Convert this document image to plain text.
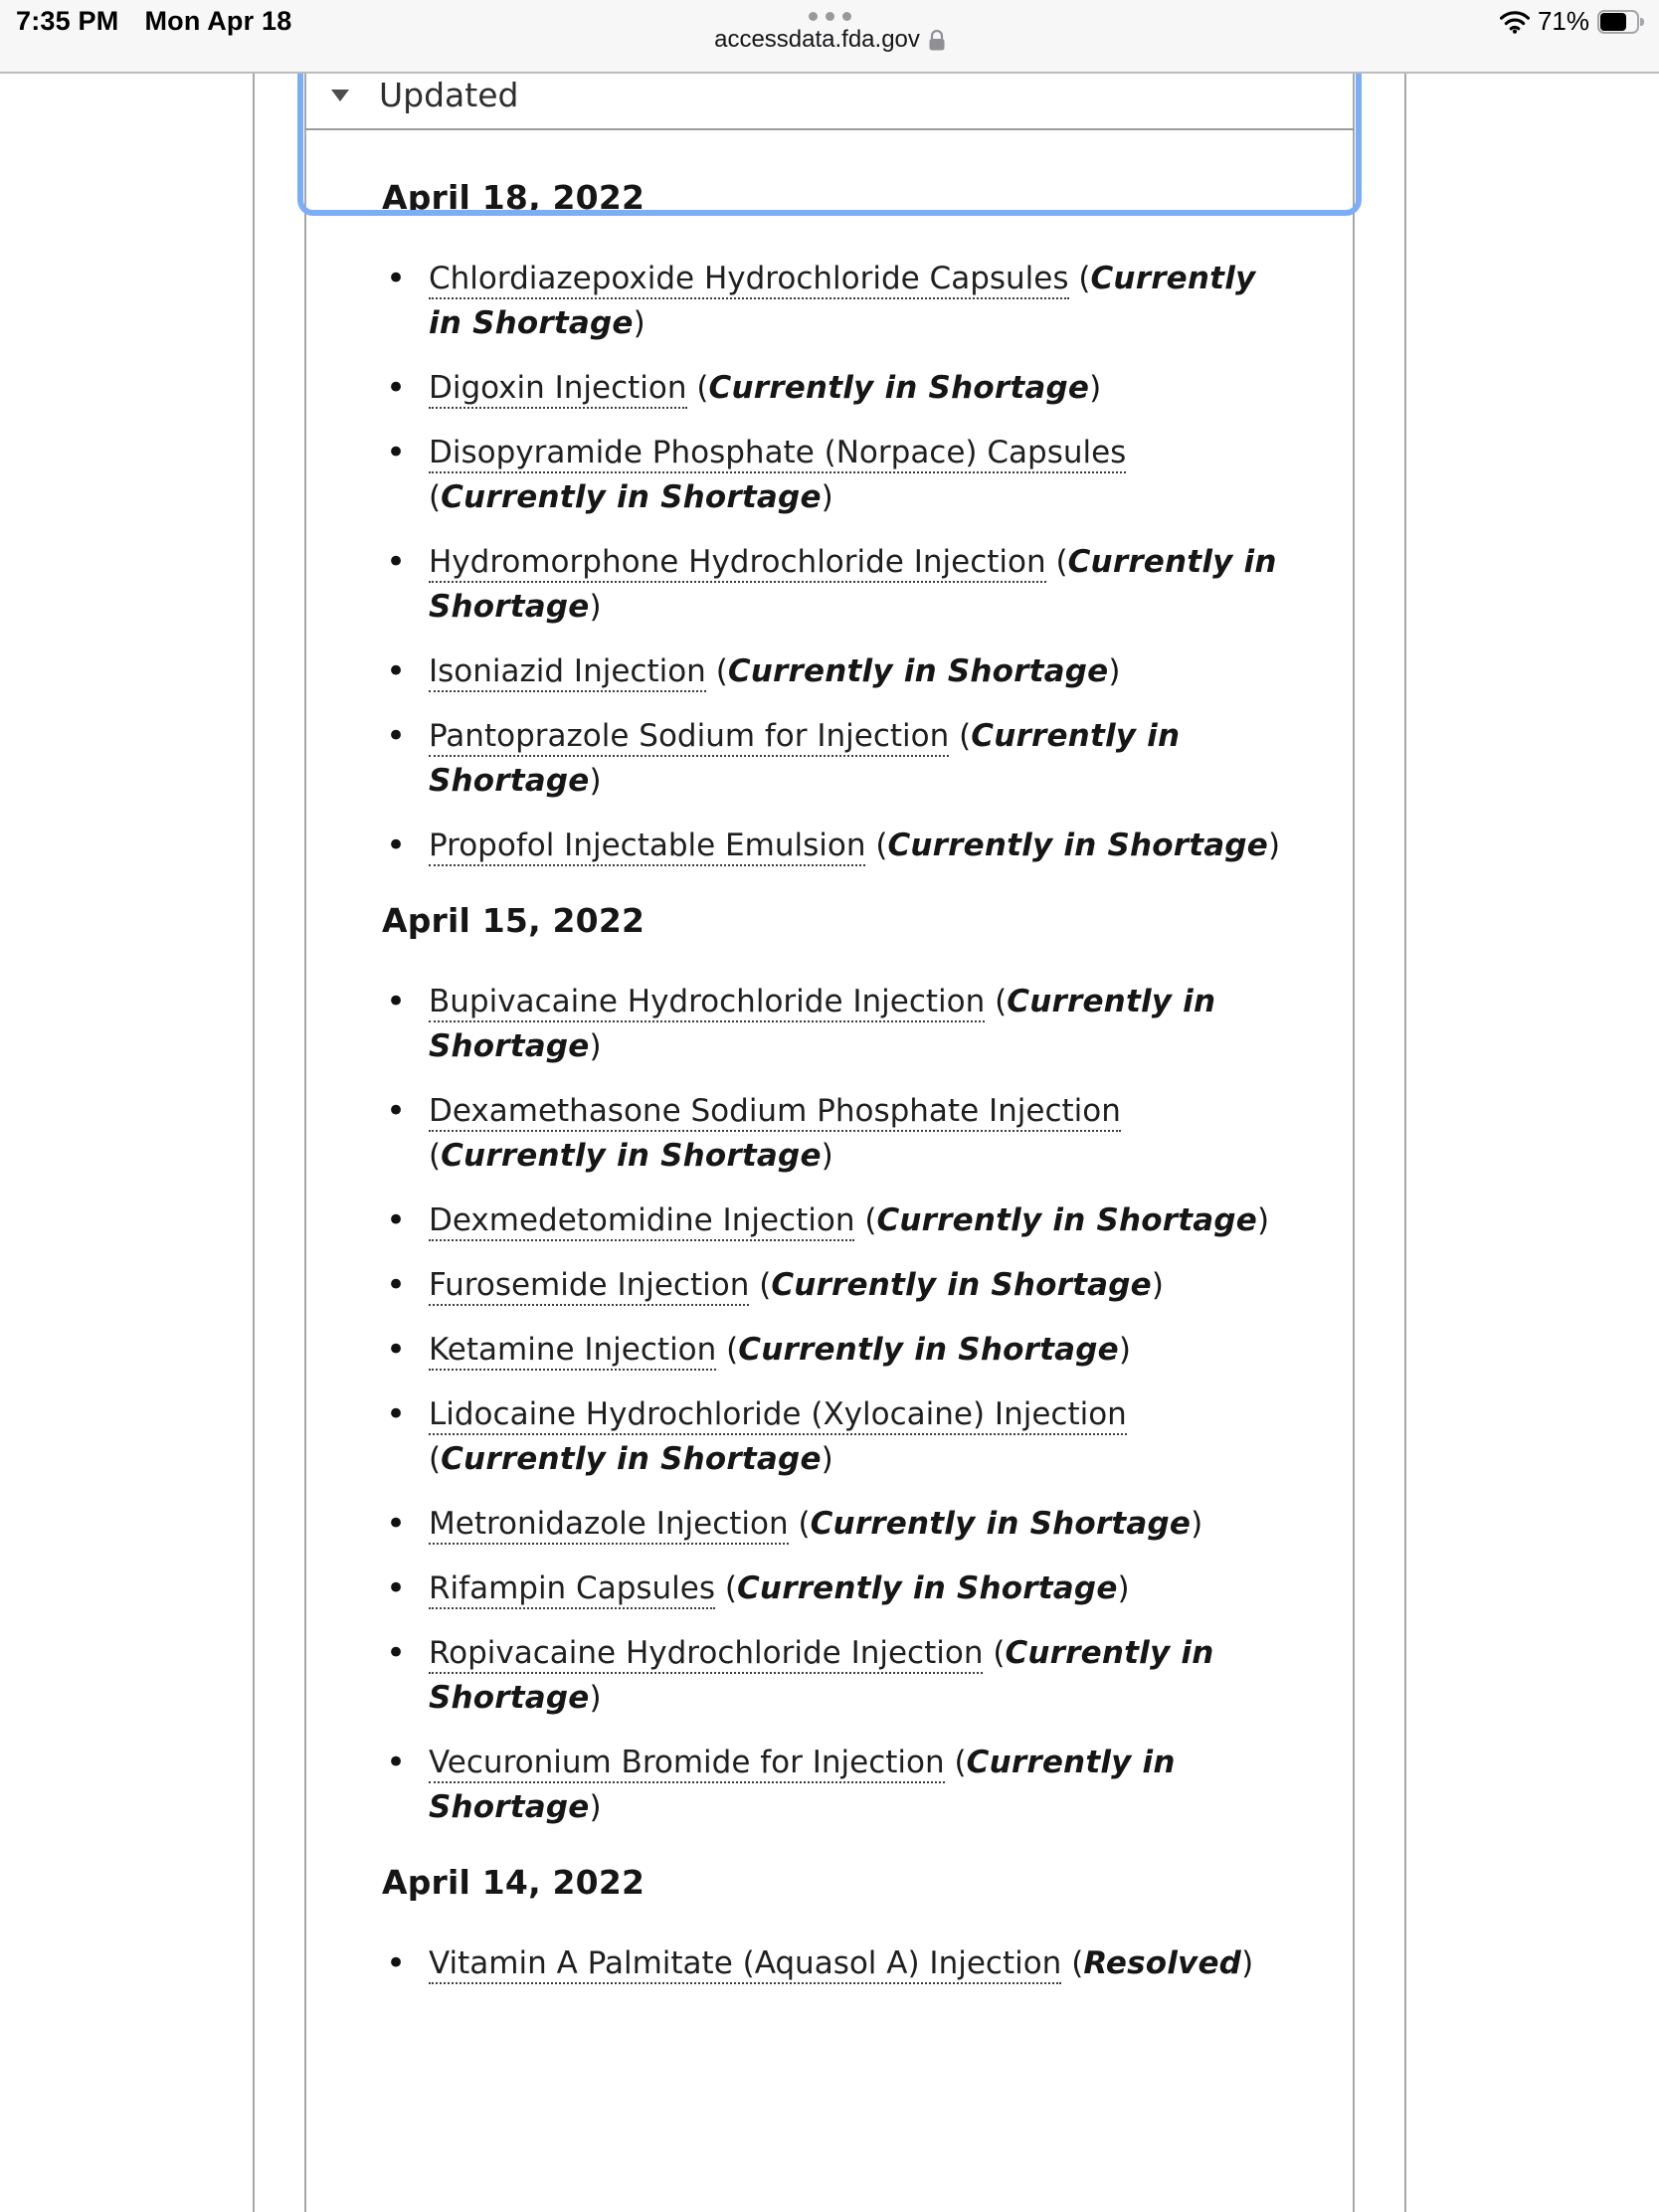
7:35 PM Mon Apr 18
accessdata.fda.gov
71%
Updated
April 18, 2022
• Chlordiazepoxide Hydrochloride Capsules (Currently in Shortage)
• Digoxin Injection (Currently in Shortage)
• Disopyramide Phosphate (Norpace) Capsules (Currently in Shortage)
• Hydromorphone Hydrochloride Injection (Currently in Shortage)
• Isoniazid Injection (Currently in Shortage)
• Pantoprazole Sodium for Injection (Currently in Shortage)
• Propofol Injectable Emulsion (Currently in Shortage)
April 15, 2022
• Bupivacaine Hydrochloride Injection (Currently in Shortage)
• Dexamethasone Sodium Phosphate Injection (Currently in Shortage)
• Dexmedetomidine Injection (Currently in Shortage)
• Furosemide Injection (Currently in Shortage)
• Ketamine Injection (Currently in Shortage)
• Lidocaine Hydrochloride (Xylocaine) Injection (Currently in Shortage)
• Metronidazole Injection (Currently in Shortage)
• Rifampin Capsules (Currently in Shortage)
• Ropivacaine Hydrochloride Injection (Currently in Shortage)
• Vecuronium Bromide for Injection (Currently in Shortage)
April 14, 2022
• Vitamin A Palmitate (Aquasol A) Injection (Resolved)
